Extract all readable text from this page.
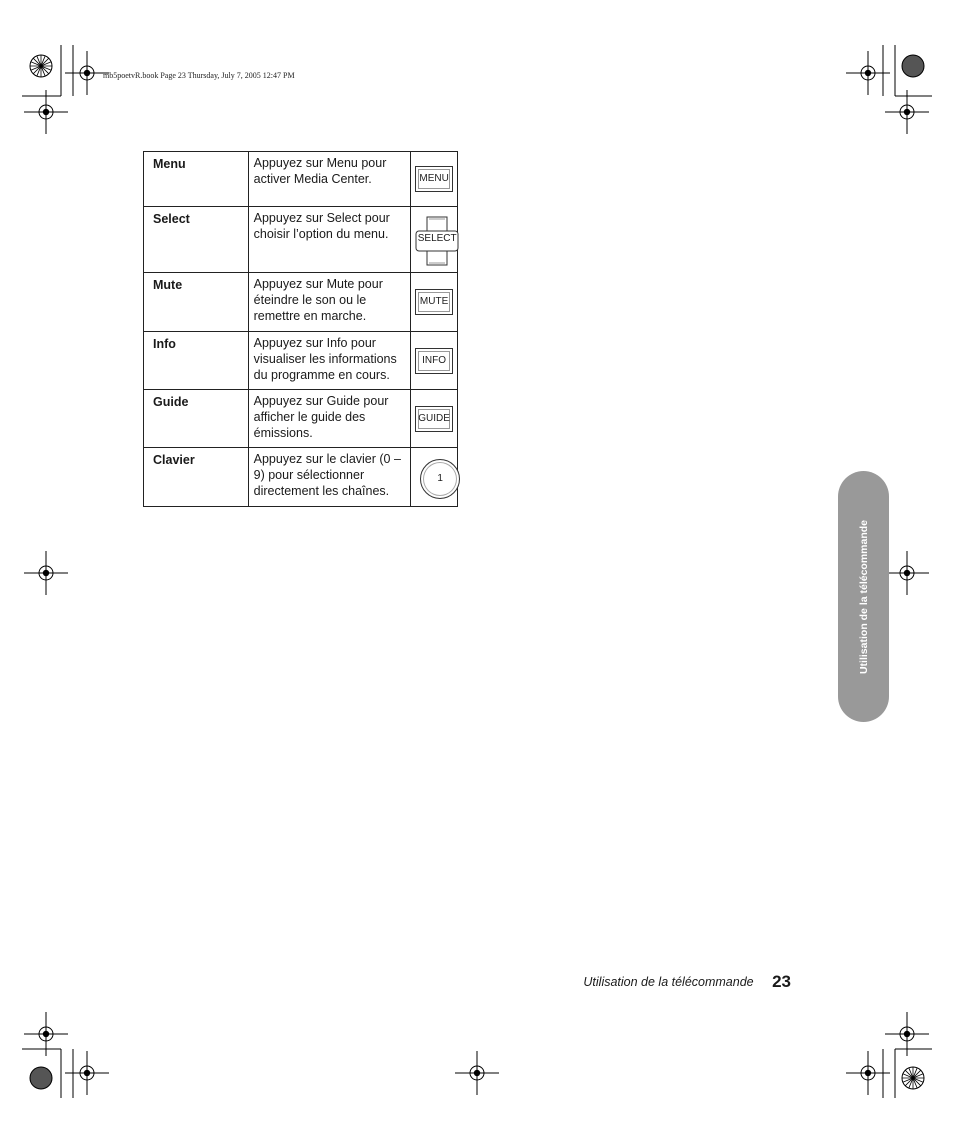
mb5poetvR.book Page 23 Thursday, July 7, 2005 12:47 PM
Menu	Appuyez sur Menu pour activer Media Center.	MENU

Select	Appuyez sur Select pour choisir l’option du menu.	SELECT

Mute	Appuyez sur Mute pour éteindre le son ou le remettre en marche.	MUTE

Info	Appuyez sur Info pour visualiser les informations du programme en cours.	INFO

Guide	Appuyez sur Guide pour afficher le guide des émissions.	GUIDE

Clavier	Appuyez sur le clavier (0 – 9) pour sélectionner directement les chaînes.	1
Utilisation de la télécommande
Utilisation de la télécommande 23
